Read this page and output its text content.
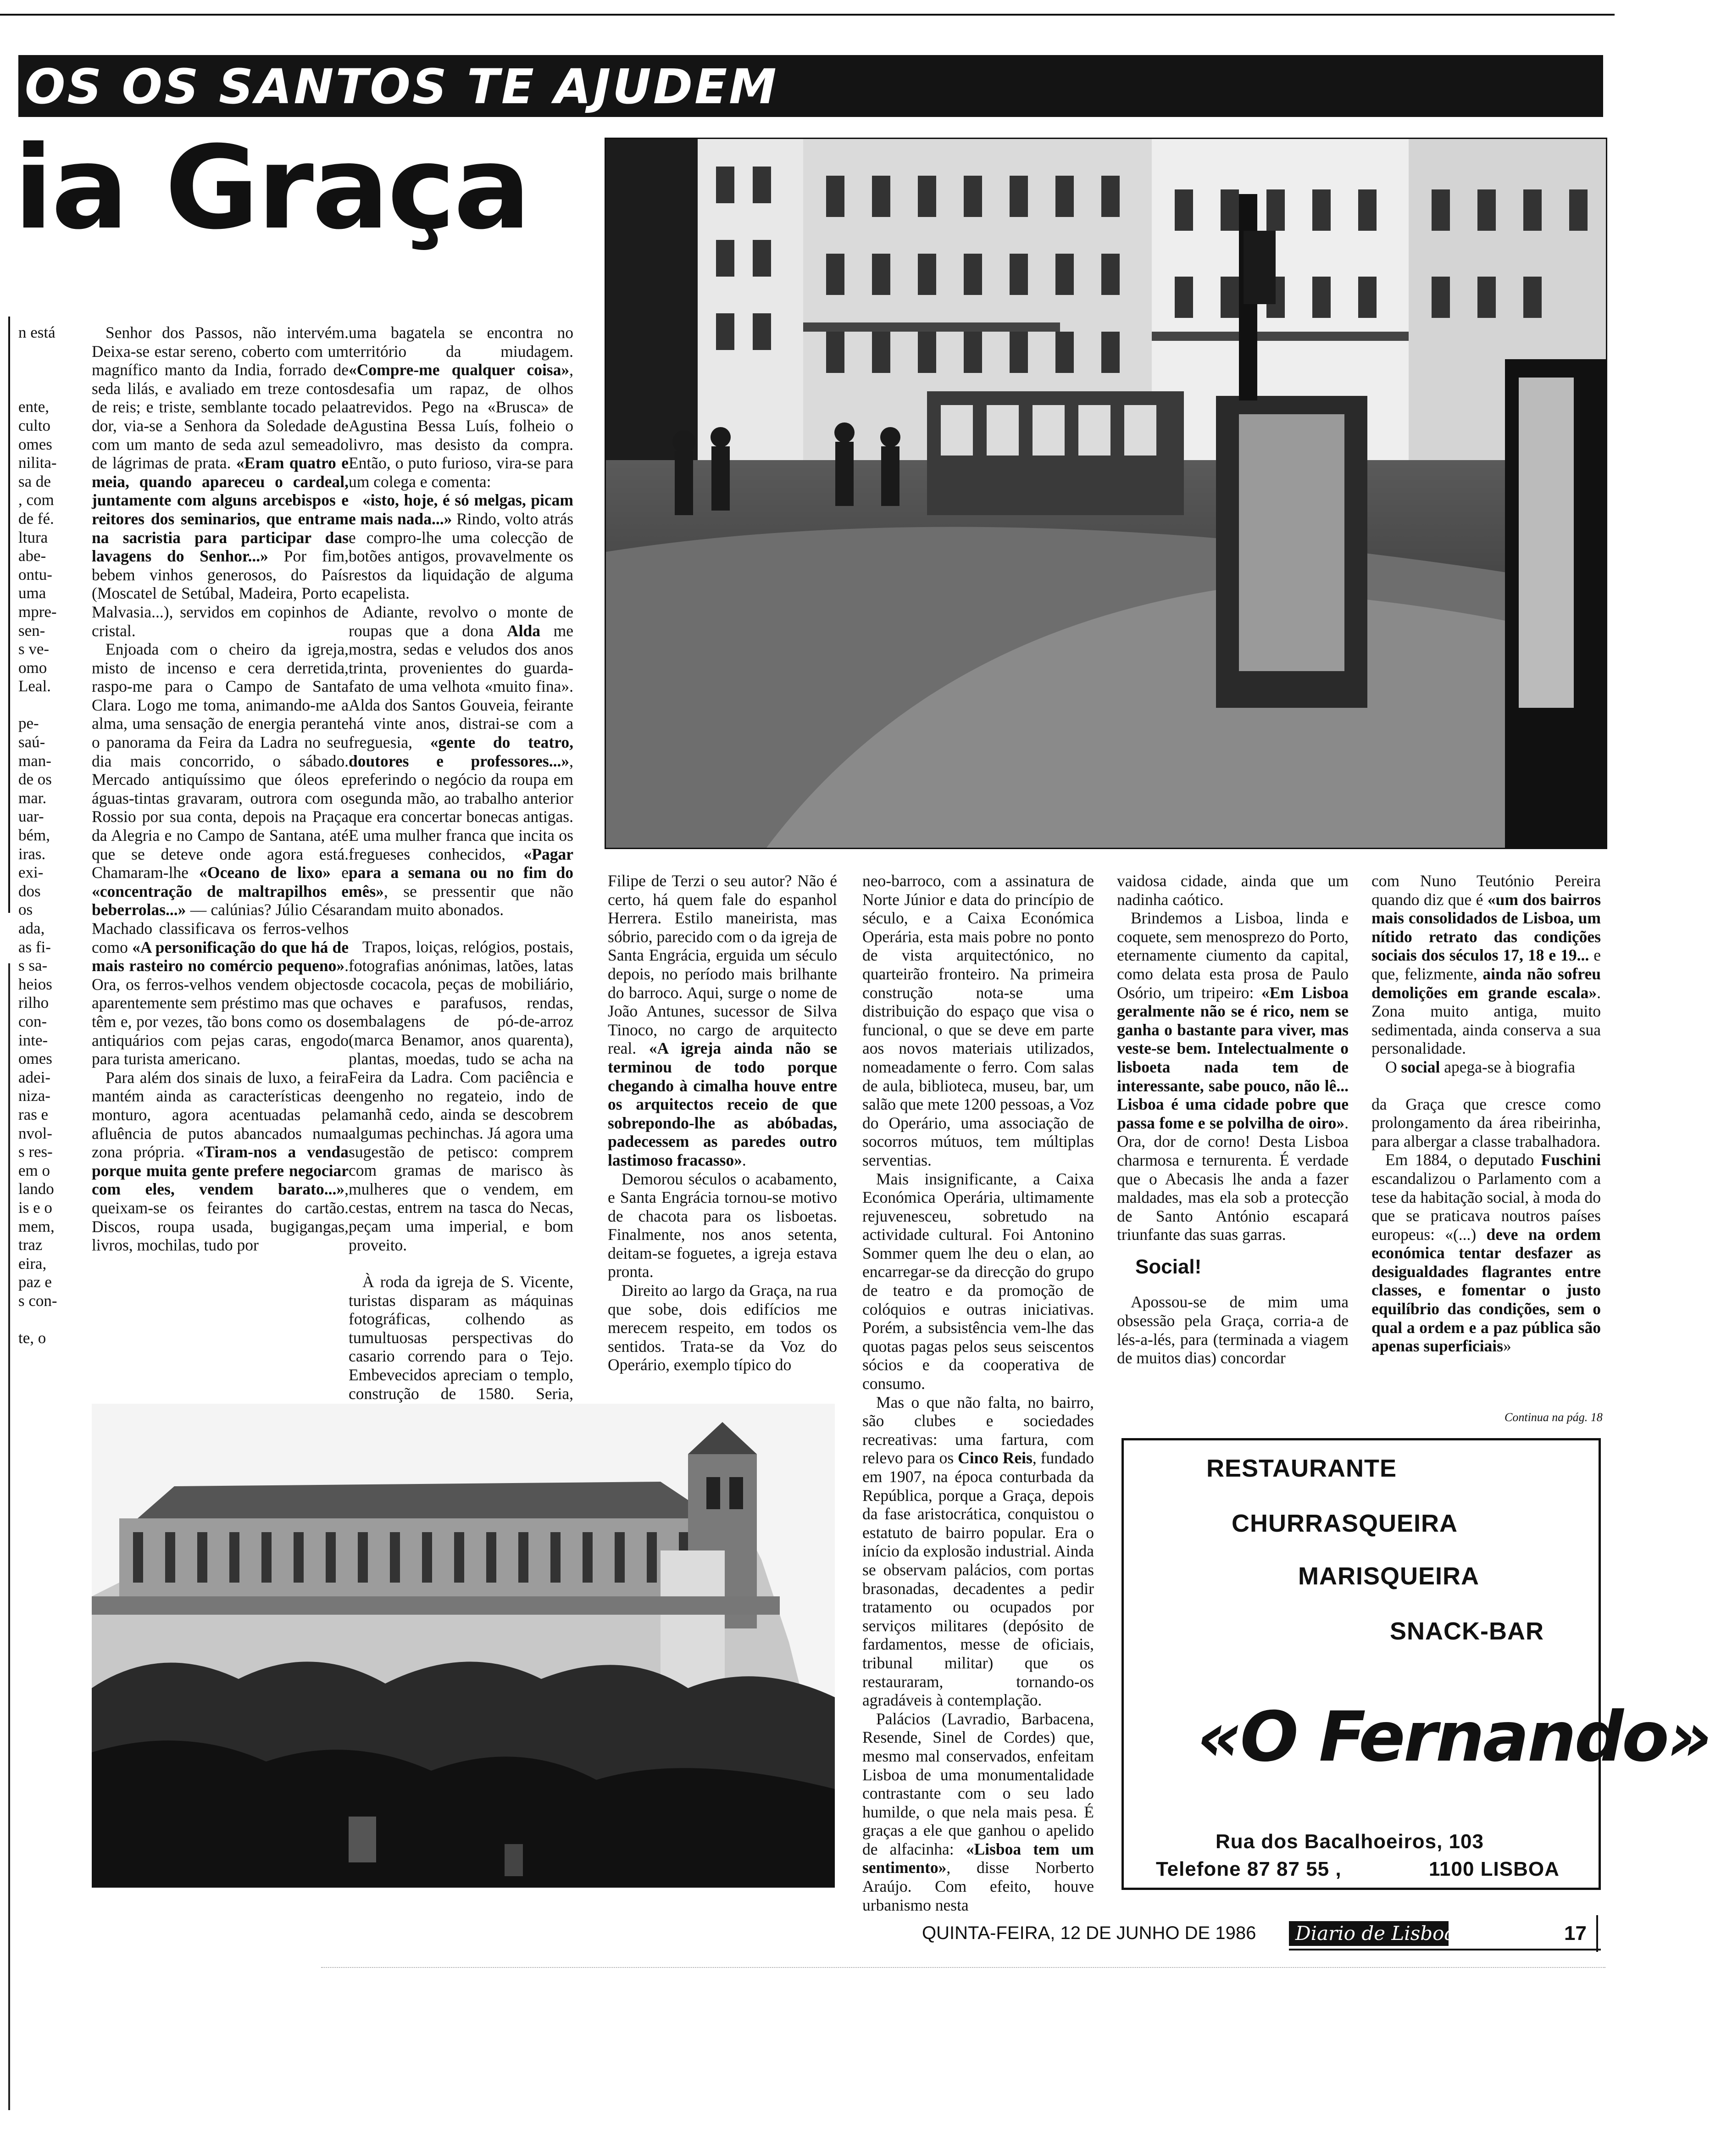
OS OS SANTOS TE AJUDEM
ia Graça
n está
ente,
culto
omes
nilita-
sa de
, com
de fé.
ltura
abe-
ontu-
uma
mpre-
sen-
s ve-
omo
Leal.
pe-
saú-
man-
de os
mar.
uar-
bém,
iras.
exi-
dos
os
ada,
as fi-
s sa-
heios
rilho
con-
inte-
omes
adei-
niza-
ras e
nvol-
s res-
em o
lando
is e o
mem,
traz
eira,
paz e
s con-
te, o

Senhor dos Passos, não intervém. Deixa-se estar sereno, coberto com um magnífico manto da India, forrado de seda lilás, e avaliado em treze contos de reis; e triste, semblante tocado pela dor, via-se a Senhora da Soledade de com um manto de seda azul semeado de lágrimas de prata. «Eram quatro e meia, quando apareceu o cardeal, juntamente com alguns arcebispos e reitores dos seminarios, que entram na sacristia para participar das lavagens do Senhor...» Por fim, bebem vinhos generosos, do País (Moscatel de Setúbal, Madeira, Porto e Malvasia...), servidos em copinhos de cristal.

Enjoada com o cheiro da igreja, misto de incenso e cera derretida, raspo-me para o Campo de Santa Clara. Logo me toma, animando-me a alma, uma sensação de energia perante o panorama da Feira da Ladra no seu dia mais concorrido, o sábado. Mercado antiquíssimo que óleos e águas-tintas gravaram, outrora com o Rossio por sua conta, depois na Praça da Alegria e no Campo de Santana, até que se deteve onde agora está. Chamaram-lhe «Oceano de lixo» e «concentração de maltrapilhos e beberrolas...» — calúnias? Júlio César Machado classificava os ferros-velhos como «A personificação do que há de mais rasteiro no comércio pequeno». Ora, os ferros-velhos vendem objectos aparentemente sem préstimo mas que o têm e, por vezes, tão bons como os dos antiquários com pejas caras, engodo para turista americano.

Para além dos sinais de luxo, a feira mantém ainda as características de monturo, agora acentuadas pela afluência de putos abancados numa zona própria. «Tiram-nos a venda porque muita gente prefere negociar com eles, vendem barato...», queixam-se os feirantes do cartão. Discos, roupa usada, bugigangas, livros, mochilas, tudo por

uma bagatela se encontra no território da miudagem. «Compre-me qualquer coisa», desafia um rapaz, de olhos atrevidos. Pego na «Brusca» de Agustina Bessa Luís, folheio o livro, mas desisto da compra. Então, o puto furioso, vira-se para um colega e comenta:

«isto, hoje, é só melgas, picam e mais nada...» Rindo, volto atrás e compro-lhe uma colecção de botões antigos, provavelmente os restos da liquidação de alguma capelista.

Adiante, revolvo o monte de roupas que a dona Alda me mostra, sedas e veludos dos anos trinta, provenientes do guarda-fato de uma velhota «muito fina». Alda dos Santos Gouveia, feirante há vinte anos, distrai-se com a freguesia, «gente do teatro, doutores e professores...», preferindo o negócio da roupa em segunda mão, ao trabalho anterior que era concertar bonecas antigas. E uma mulher franca que incita os fregueses conhecidos, «Pagar para a semana ou no fim do mês», se pressentir que não andam muito abonados.

Trapos, loiças, relógios, postais, fotografias anónimas, latões, latas de cocacola, peças de mobiliário, chaves e parafusos, rendas, embalagens de pó-de-arroz (marca Benamor, anos quarenta), plantas, moedas, tudo se acha na Feira da Ladra. Com paciência e engenho no regateio, indo de manhã cedo, ainda se descobrem algumas pechinchas. Já agora uma sugestão de petisco: comprem com gramas de marisco às mulheres que o vendem, em cestas, entrem na tasca do Necas, peçam uma imperial, e bom proveito.

À roda da igreja de S. Vicente, turistas disparam as máquinas fotográficas, colhendo as tumultuosas perspectivas do casario correndo para o Tejo. Embevecidos apreciam o templo, construção de 1580. Seria,

Filipe de Terzi o seu autor? Não é certo, há quem fale do espanhol Herrera. Estilo maneirista, mas sóbrio, parecido com o da igreja de Santa Engrácia, erguida um século depois, no período mais brilhante do barroco. Aqui, surge o nome de João Antunes, sucessor de Silva Tinoco, no cargo de arquitecto real. «A igreja ainda não se terminou de todo porque chegando à cimalha houve entre os arquitectos receio de que sobrepondo-lhe as abóbadas, padecessem as paredes outro lastimoso fracasso».

Demorou séculos o acabamento, e Santa Engrácia tornou-se motivo de chacota para os lisboetas. Finalmente, nos anos setenta, deitam-se foguetes, a igreja estava pronta.

Direito ao largo da Graça, na rua que sobe, dois edifícios me merecem respeito, em todos os sentidos. Trata-se da Voz do Operário, exemplo típico do

neo-barroco, com a assinatura de Norte Júnior e data do princípio de século, e a Caixa Económica Operária, esta mais pobre no ponto de vista arquitectónico, no quarteirão fronteiro. Na primeira construção nota-se uma distribuição do espaço que visa o funcional, o que se deve em parte aos novos materiais utilizados, nomeadamente o ferro. Com salas de aula, biblioteca, museu, bar, um salão que mete 1200 pessoas, a Voz do Operário, uma associação de socorros mútuos, tem múltiplas serventias.

Mais insignificante, a Caixa Económica Operária, ultimamente rejuvenesceu, sobretudo na actividade cultural. Foi Antonino Sommer quem lhe deu o elan, ao encarregar-se da direcção do grupo de teatro e da promoção de colóquios e outras iniciativas. Porém, a subsistência vem-lhe das quotas pagas pelos seus seiscentos sócios e da cooperativa de consumo.

Mas o que não falta, no bairro, são clubes e sociedades recreativas: uma fartura, com relevo para os Cinco Reis, fundado em 1907, na época conturbada da República, porque a Graça, depois da fase aristocrática, conquistou o estatuto de bairro popular. Era o início da explosão industrial. Ainda se observam palácios, com portas brasonadas, decadentes a pedir tratamento ou ocupados por serviços militares (depósito de fardamentos, messe de oficiais, tribunal militar) que os restauraram, tornando-os agradáveis à contemplação.

Palácios (Lavradio, Barbacena, Resende, Sinel de Cordes) que, mesmo mal conservados, enfeitam Lisboa de uma monumentalidade contrastante com o seu lado humilde, o que nela mais pesa. É graças a ele que ganhou o apelido de alfacinha: «Lisboa tem um sentimento», disse Norberto Araújo. Com efeito, houve urbanismo nesta

vaidosa cidade, ainda que um nadinha caótico.

Brindemos a Lisboa, linda e coquete, sem menosprezo do Porto, eternamente ciumento da capital, como delata esta prosa de Paulo Osório, um tripeiro: «Em Lisboa geralmente não se é rico, nem se ganha o bastante para viver, mas veste-se bem. Intelectualmente o lisboeta nada tem de interessante, sabe pouco, não lê... Lisboa é uma cidade pobre que passa fome e se polvilha de oiro». Ora, dor de corno! Desta Lisboa charmosa e ternurenta. É verdade que o Abecasis lhe anda a fazer maldades, mas ela sob a protecção de Santo António escapará triunfante das suas garras.

Social!

Apossou-se de mim uma obsessão pela Graça, corria-a de lés-a-lés, para (terminada a viagem de muitos dias) concordar

com Nuno Teutónio Pereira quando diz que é «um dos bairros mais consolidados de Lisboa, um nítido retrato das condições sociais dos séculos 17, 18 e 19... e que, felizmente, ainda não sofreu demolições em grande escala». Zona muito antiga, muito sedimentada, ainda conserva a sua personalidade.

O social apega-se à biografia

da Graça que cresce como prolongamento da área ribeirinha, para albergar a classe trabalhadora.

Em 1884, o deputado Fuschini escandalizou o Parlamento com a tese da habitação social, à moda do que se praticava noutros países europeus: «(...) deve na ordem económica tentar desfazer as desigualdades flagrantes entre classes, e fomentar o justo equilíbrio das condições, sem o qual a ordem e a paz pública são apenas superficiais»

Continua na pág. 18
RESTAURANTE
CHURRASQUEIRA
MARISQUEIRA
SNACK-BAR
«O Fernando»
Rua dos Bacalhoeiros, 103
Telefone 87 87 55 ,	1100 LISBOA
QUINTA-FEIRA, 12 DE JUNHO DE 1986	Diario de Lisboa	17
